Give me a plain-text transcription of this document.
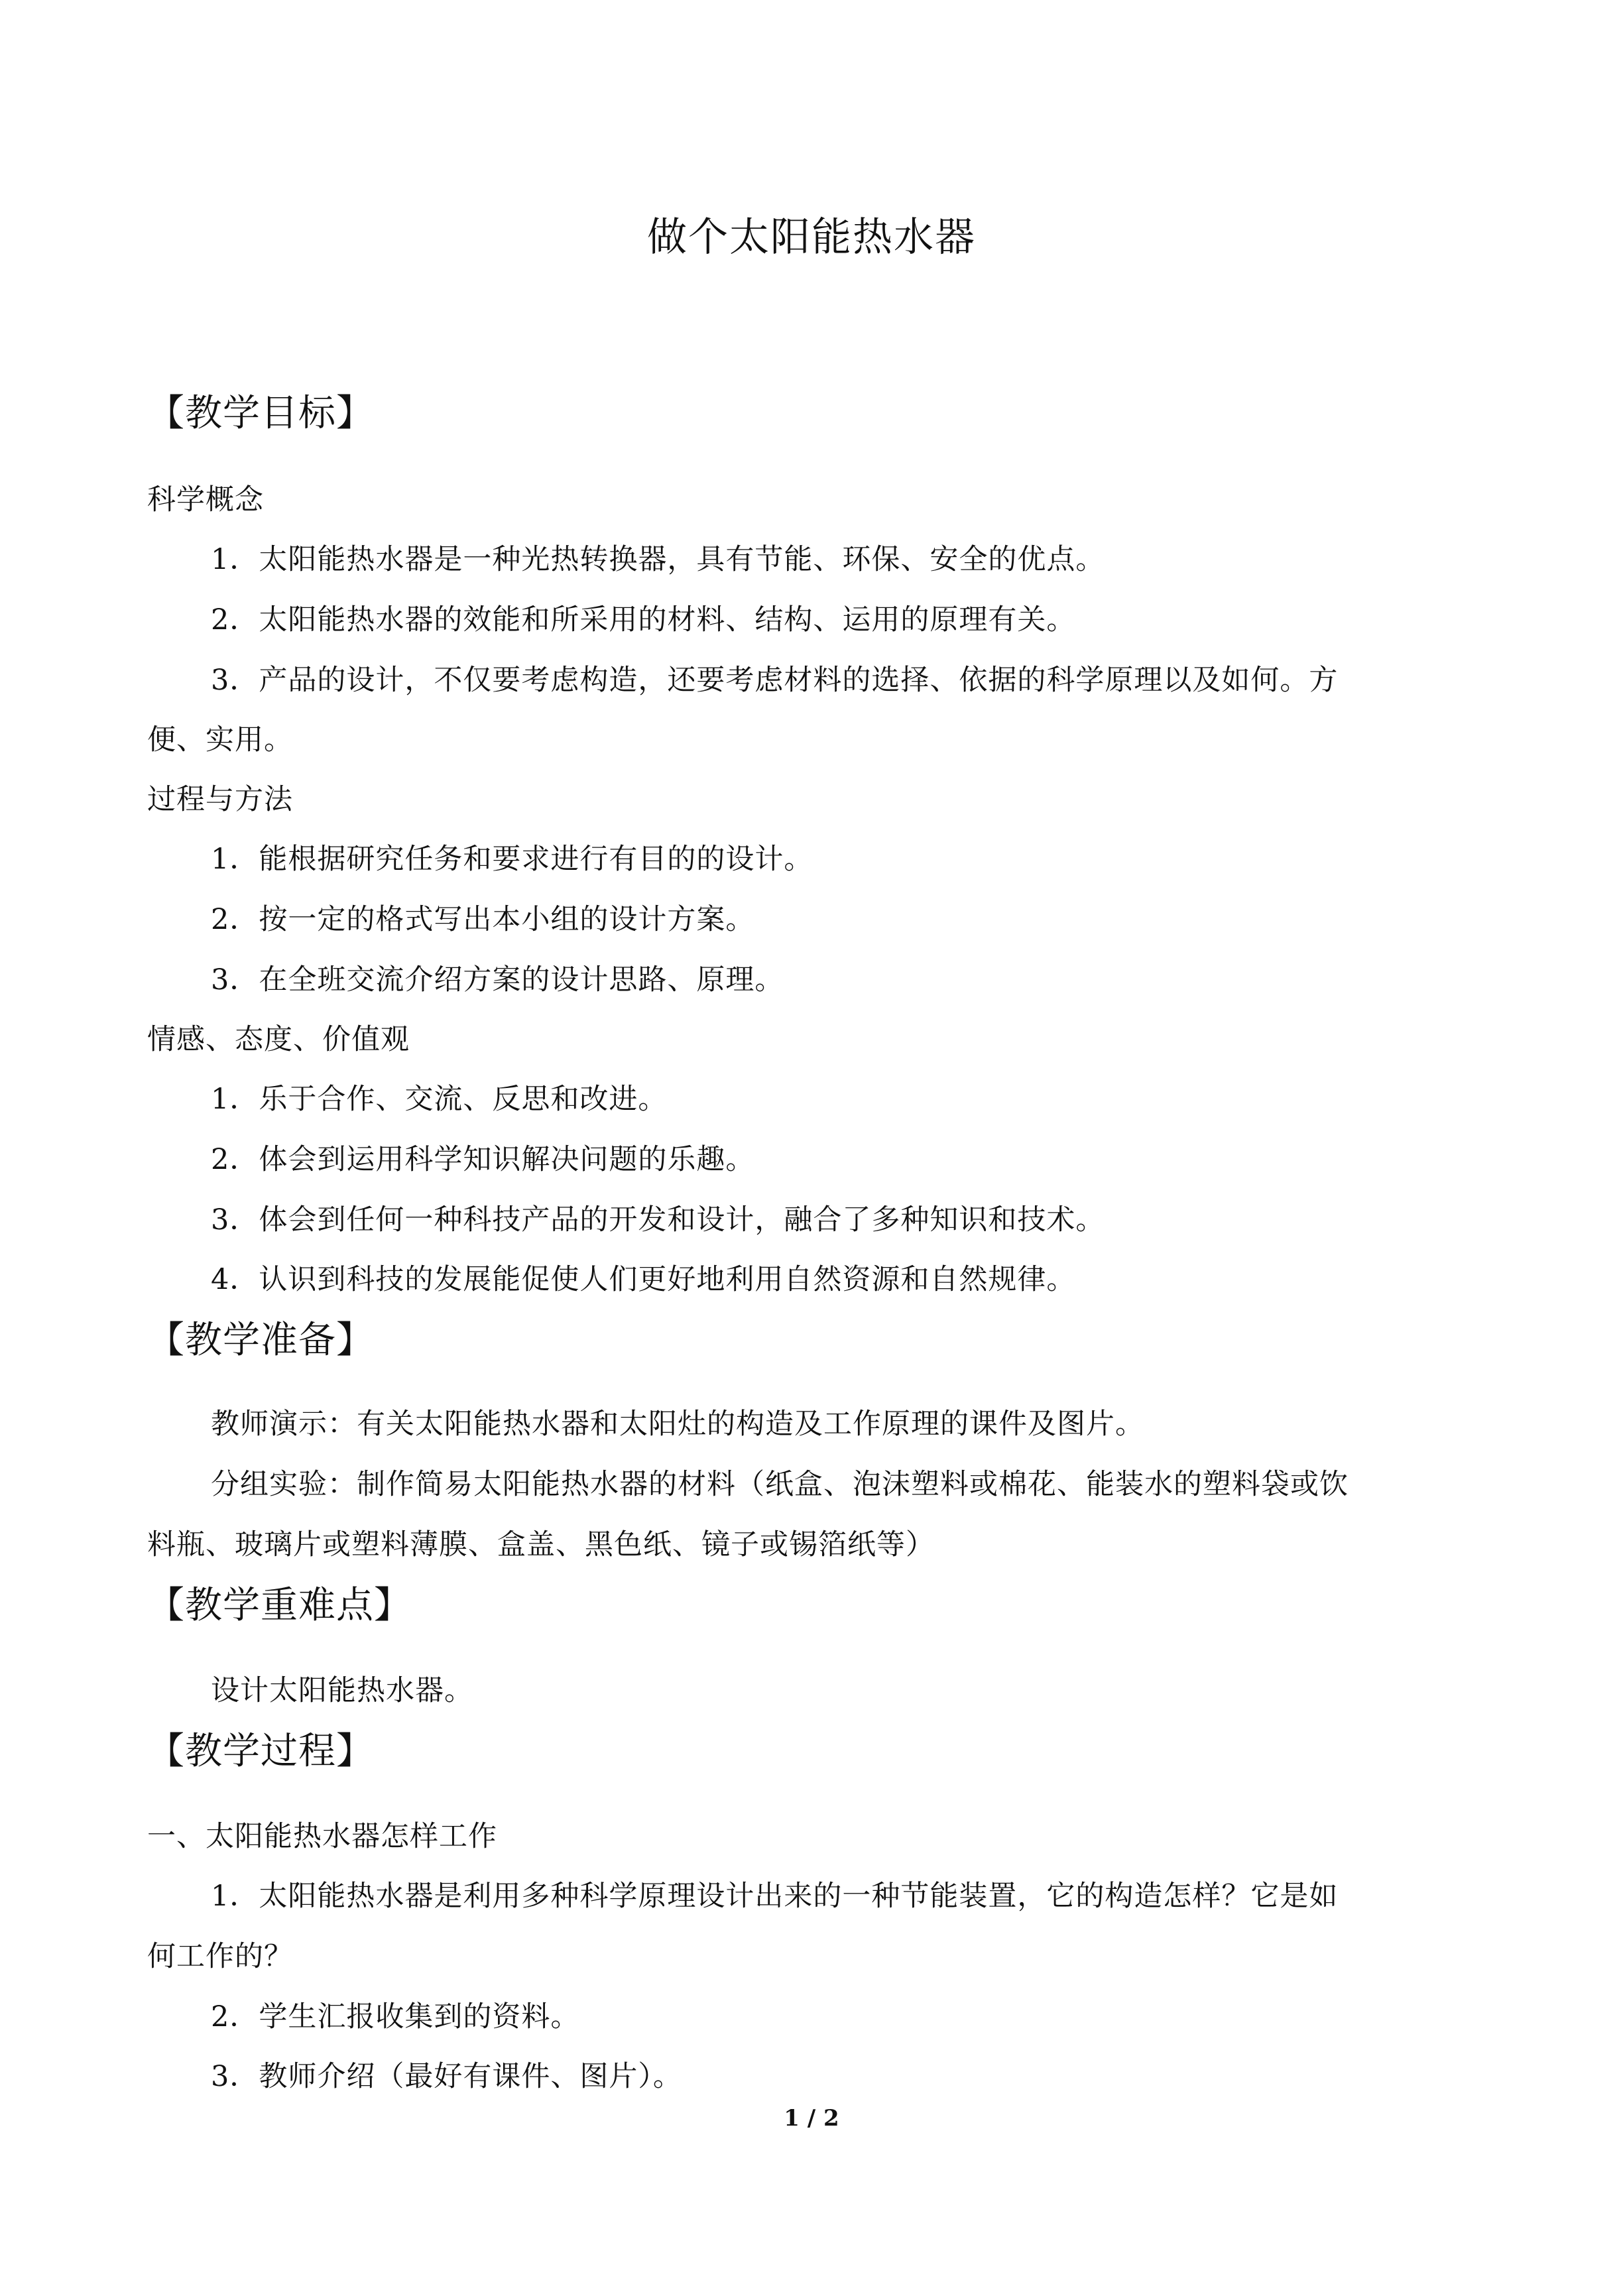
做个太阳能热水器
【教学目标】
科学概念
1．太阳能热水器是一种光热转换器，具有节能、环保、安全的优点。
2．太阳能热水器的效能和所采用的材料、结构、运用的原理有关。
3．产品的设计，不仅要考虑构造，还要考虑材料的选择、依据的科学原理以及如何。方
便、实用。
过程与方法
1．能根据研究任务和要求进行有目的的设计。
2．按一定的格式写出本小组的设计方案。
3．在全班交流介绍方案的设计思路、原理。
情感、态度、价值观
1．乐于合作、交流、反思和改进。
2．体会到运用科学知识解决问题的乐趣。
3．体会到任何一种科技产品的开发和设计，融合了多种知识和技术。
4．认识到科技的发展能促使人们更好地利用自然资源和自然规律。
【教学准备】
教师演示：有关太阳能热水器和太阳灶的构造及工作原理的课件及图片。
分组实验：制作简易太阳能热水器的材料（纸盒、泡沫塑料或棉花、能装水的塑料袋或饮
料瓶、玻璃片或塑料薄膜、盒盖、黑色纸、镜子或锡箔纸等）
【教学重难点】
设计太阳能热水器。
【教学过程】
一、太阳能热水器怎样工作
1．太阳能热水器是利用多种科学原理设计出来的一种节能装置，它的构造怎样？它是如
何工作的？
2．学生汇报收集到的资料。
3．教师介绍（最好有课件、图片）。
1 / 2
